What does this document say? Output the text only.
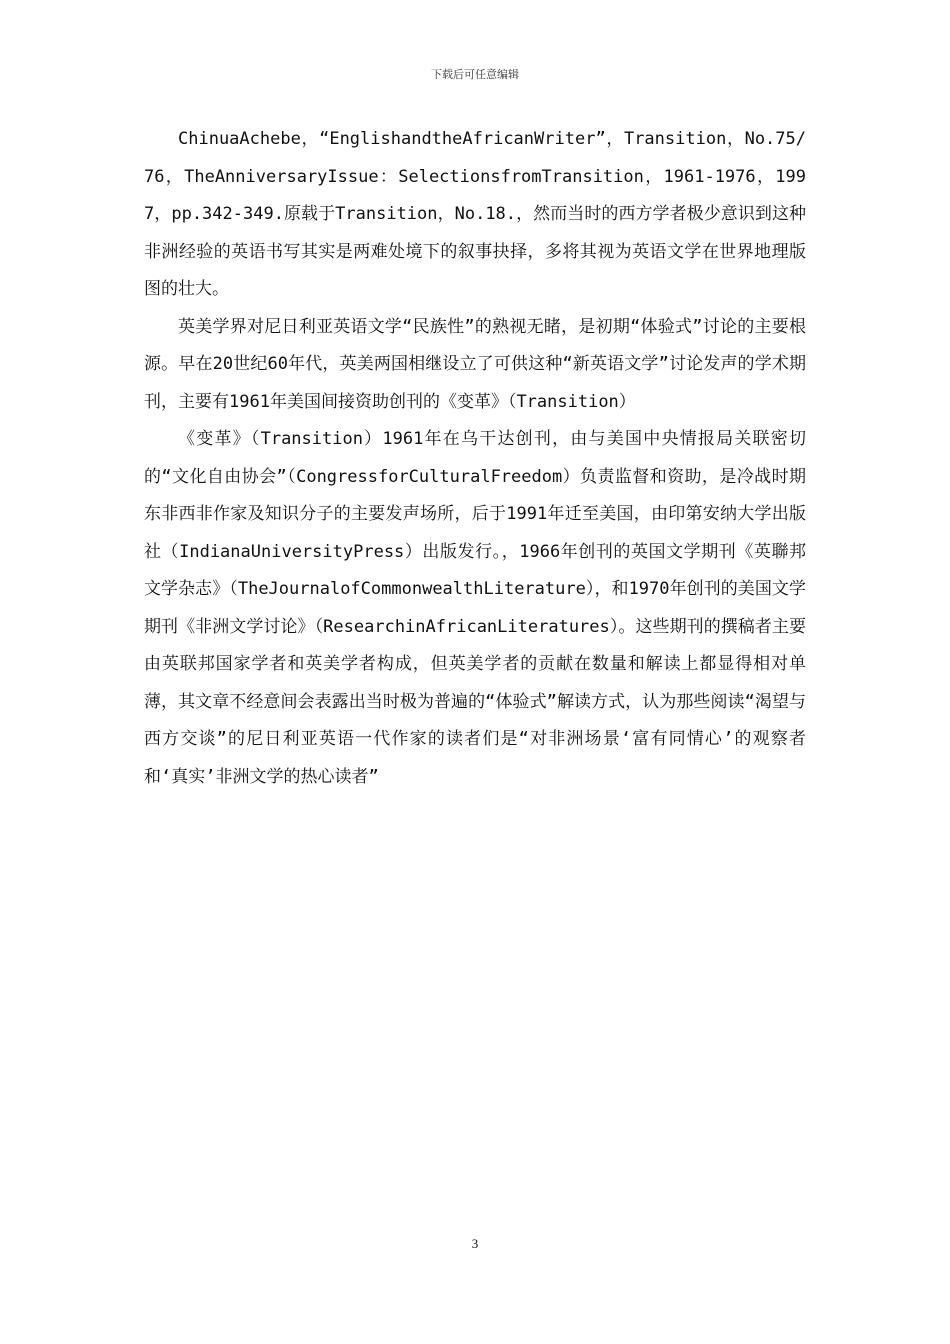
下载后可任意编辑

ChinuaAchebe，“EnglishandtheAfricanWriter”，Transition，No.75/76，TheAnniversaryIssue：SelectionsfromTransition，1961-1976，1997，pp.342-349.原载于Transition，No.18.，然而当时的西方学者极少意识到这种非洲经验的英语书写其实是两难处境下的叙事抉择，多将其视为英语文学在世界地理版图的壮大。

英美学界对尼日利亚英语文学“民族性”的熟视无睹，是初期“体验式”讨论的主要根源。早在20世纪60年代，英美两国相继设立了可供这种“新英语文学”讨论发声的学术期刊，主要有1961年美国间接资助创刊的《变革》（Transition）

《变革》（Transition）1961年在乌干达创刊，由与美国中央情报局关联密切的“文化自由协会”（CongressforCulturalFreedom）负责监督和资助，是冷战时期东非西非作家及知识分子的主要发声场所，后于1991年迁至美国，由印第安纳大学出版社（IndianaUniversityPress）出版发行。，1966年创刊的英国文学期刊《英聯邦文学杂志》（TheJournalofCommonwealthLiterature），和1970年创刊的美国文学期刊《非洲文学讨论》（ResearchinAfricanLiteratures）。这些期刊的撰稿者主要由英联邦国家学者和英美学者构成，但英美学者的贡献在数量和解读上都显得相对单薄，其文章不经意间会表露出当时极为普遍的“体验式”解读方式，认为那些阅读“渴望与西方交谈”的尼日利亚英语一代作家的读者们是“对非洲场景‘富有同情心’的观察者和‘真实’非洲文学的热心读者”

3
